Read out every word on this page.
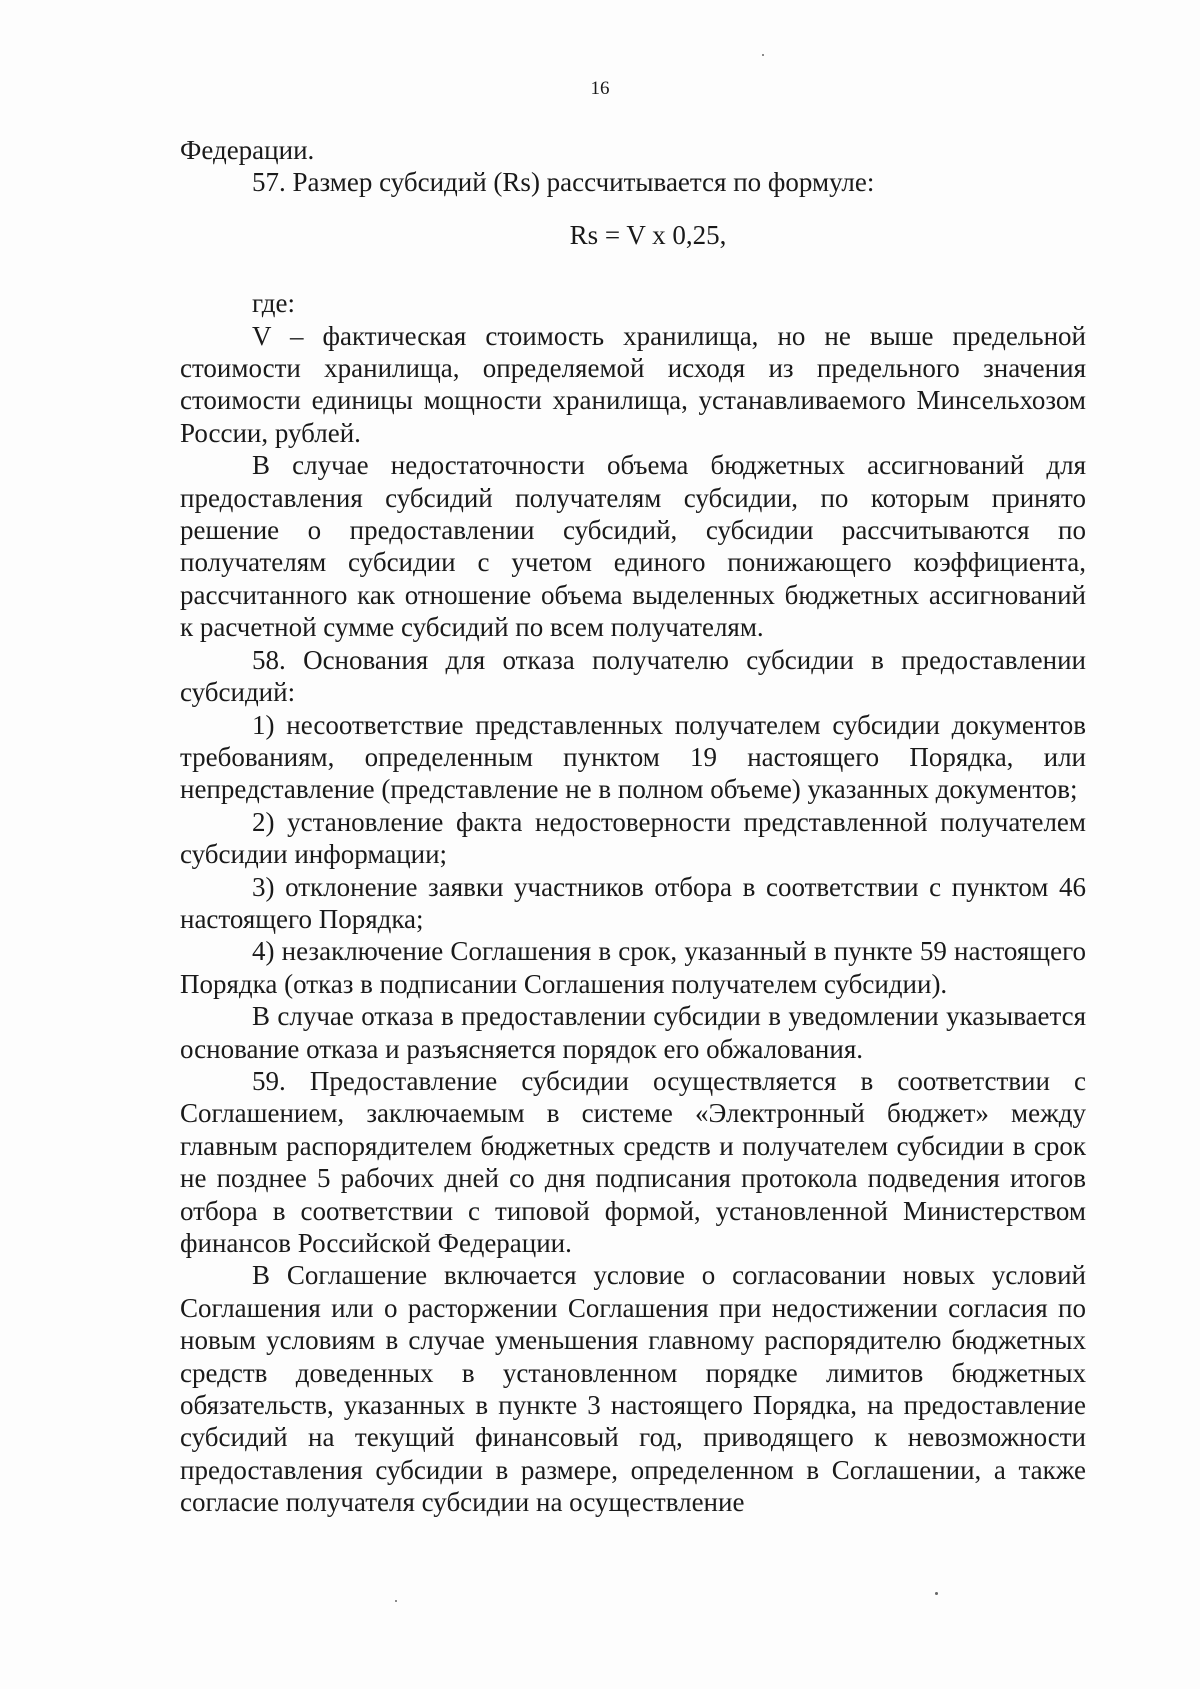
16

Федерации.

57. Размер субсидий (Rs) рассчитывается по формуле:

Rs = V x 0,25,

где:

V – фактическая стоимость хранилища, но не выше предельной стоимости хранилища, определяемой исходя из предельного значения стоимости единицы мощности хранилища, устанавливаемого Минсельхозом России, рублей.

В случае недостаточности объема бюджетных ассигнований для предоставления субсидий получателям субсидии, по которым принято решение о предоставлении субсидий, субсидии рассчитываются по получателям субсидии с учетом единого понижающего коэффициента, рассчитанного как отношение объема выделенных бюджетных ассигнований к расчетной сумме субсидий по всем получателям.

58. Основания для отказа получателю субсидии в предоставлении субсидий:

1) несоответствие представленных получателем субсидии документов требованиям, определенным пунктом 19 настоящего Порядка, или непредставление (представление не в полном объеме) указанных документов;

2) установление факта недостоверности представленной получателем субсидии информации;

3) отклонение заявки участников отбора в соответствии с пунктом 46 настоящего Порядка;

4) незаключение Соглашения в срок, указанный в пункте 59 настоящего Порядка (отказ в подписании Соглашения получателем субсидии).

В случае отказа в предоставлении субсидии в уведомлении указывается основание отказа и разъясняется порядок его обжалования.

59. Предоставление субсидии осуществляется в соответствии с Соглашением, заключаемым в системе «Электронный бюджет» между главным распорядителем бюджетных средств и получателем субсидии в срок не позднее 5 рабочих дней со дня подписания протокола подведения итогов отбора в соответствии с типовой формой, установленной Министерством финансов Российской Федерации.

В Соглашение включается условие о согласовании новых условий Соглашения или о расторжении Соглашения при недостижении согласия по новым условиям в случае уменьшения главному распорядителю бюджетных средств доведенных в установленном порядке лимитов бюджетных обязательств, указанных в пункте 3 настоящего Порядка, на предоставление субсидий на текущий финансовый год, приводящего к невозможности предоставления субсидии в размере, определенном в Соглашении, а также согласие получателя субсидии на осуществление
